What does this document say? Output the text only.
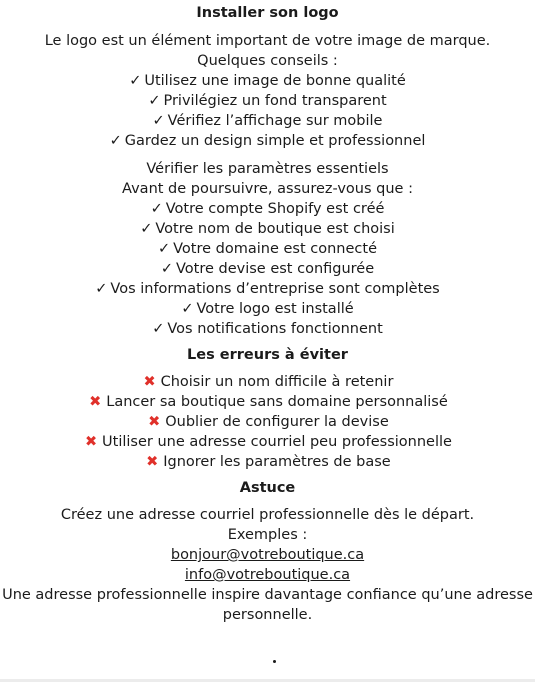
Installer son logo

Le logo est un élément important de votre image de marque.

Quelques conseils :

✓ Utilisez une image de bonne qualité

✓ Privilégiez un fond transparent

✓ Vérifiez l’affichage sur mobile

✓ Gardez un design simple et professionnel

Vérifier les paramètres essentiels

Avant de poursuivre, assurez-vous que :

✓ Votre compte Shopify est créé

✓ Votre nom de boutique est choisi

✓ Votre domaine est connecté

✓ Votre devise est configurée

✓ Vos informations d’entreprise sont complètes

✓ Votre logo est installé

✓ Vos notifications fonctionnent

Les erreurs à éviter

✖ Choisir un nom difficile à retenir

✖ Lancer sa boutique sans domaine personnalisé

✖ Oublier de configurer la devise

✖ Utiliser une adresse courriel peu professionnelle

✖ Ignorer les paramètres de base

Astuce

Créez une adresse courriel professionnelle dès le départ.

Exemples :

bonjour@votreboutique.ca

info@votreboutique.ca

Une adresse professionnelle inspire davantage confiance qu’une adresse personnelle.
